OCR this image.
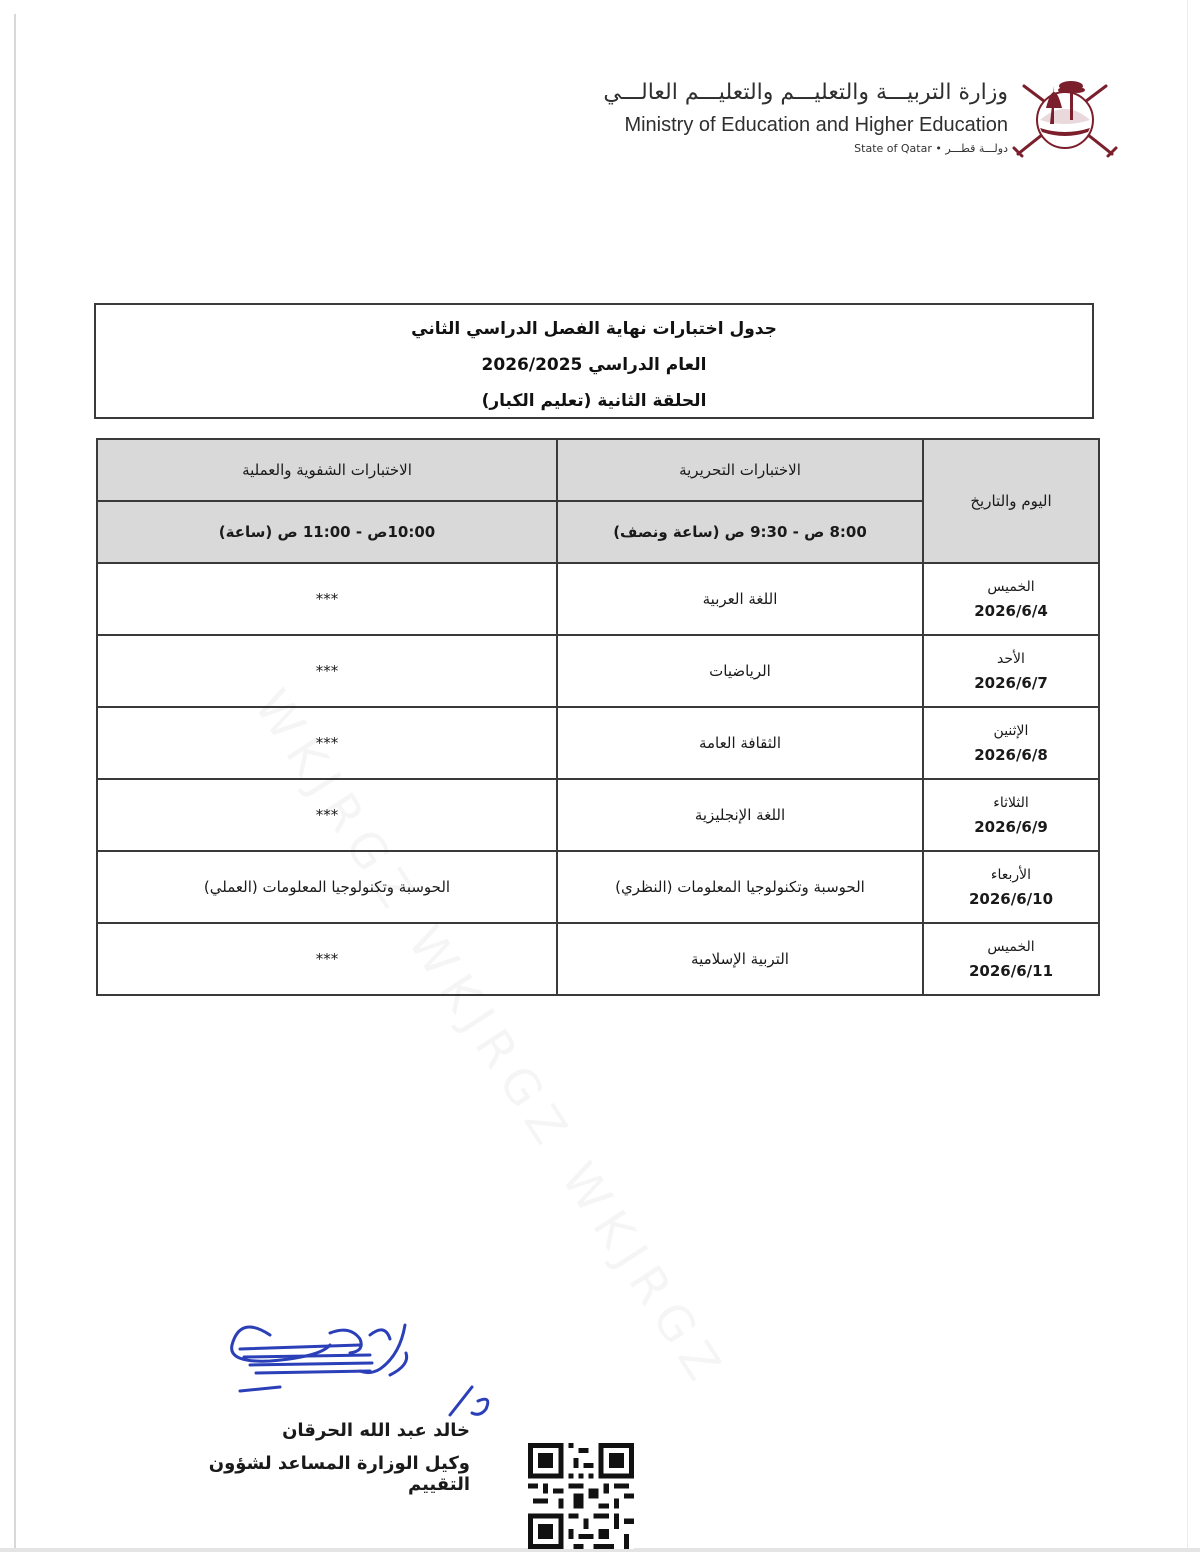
وزارة التربيـــة والتعليـــم والتعليـــم العالـــي
Ministry of Education and Higher Education
State of Qatar • دولـــة قطـــر
جدول اختبارات نهاية الفصل الدراسي الثاني
العام الدراسي 2026/2025
الحلقة الثانية (تعليم الكبار)
اليوم والتاريخ	الاختبارات التحريرية	الاختبارات الشفوية والعملية
	8:00 ص - 9:30 ص (ساعة ونصف)	10:00ص - 11:00 ص (ساعة)

الخميس
2026/6/4	اللغة العربية	***

الأحد
2026/6/7	الرياضيات	***

الإثنين
2026/6/8	الثقافة العامة	***

الثلاثاء
2026/6/9	اللغة الإنجليزية	***

الأربعاء
2026/6/10	الحوسبة وتكنولوجيا المعلومات (النظري)	الحوسبة وتكنولوجيا المعلومات (العملي)

الخميس
2026/6/11	التربية الإسلامية	***
خالد عبد الله الحرقان
وكيل الوزارة المساعد لشؤون التقييم
